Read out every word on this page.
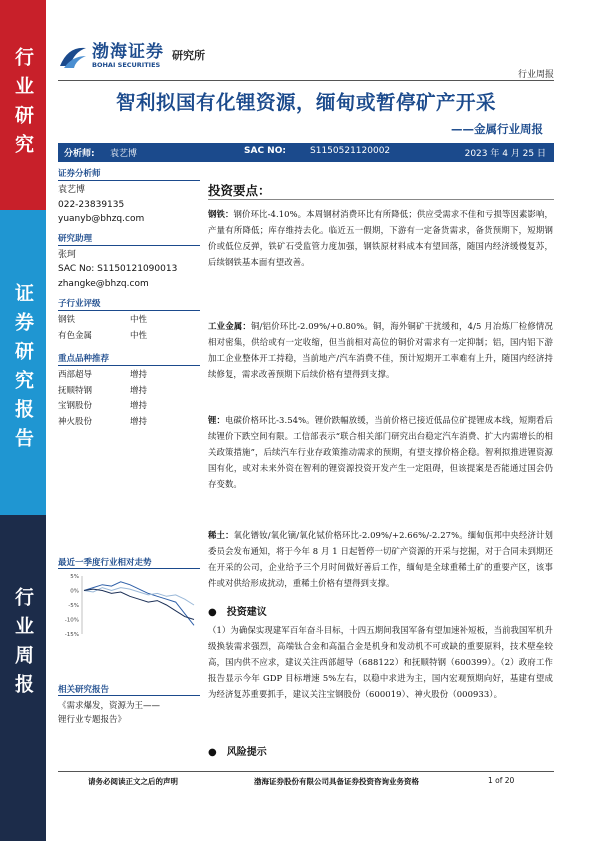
行业研究
证券研究报告
行业周报
渤海证券
BOHAI SECURITIES
研究所
行业周报
智利拟国有化锂资源，缅甸或暂停矿产开采
——金属行业周报
分析师: 袁艺博	SAC NO:	S1150521120002	2023 年 4 月 25 日
证券分析师
袁艺博
022-23839135
yuanyb@bhzq.com
研究助理
张珂
SAC No: S1150121090013
zhangke@bhzq.com
子行业评级
钢铁	中性
有色金属	中性
重点品种推荐
西部超导	增持
抚顺特钢	增持
宝钢股份	增持
神火股份	增持
最近一季度行业相对走势
5%
0%
-5%
-10%
-15%
相关研究报告
《需求爆发，资源为王——
锂行业专题报告》
投资要点：
钢铁：钢价环比-4.10%。本周钢材消费环比有所降低；供应受需求不佳和亏损等因素影响，产量有所降低；库存维持去化。临近五一假期，下游有一定备货需求，备货预期下，短期钢价或低位反弹，铁矿石受监管力度加强，钢铁原材料成本有望回落，随国内经济缓慢复苏，后续钢铁基本面有望改善。
工业金属：铜/铝价环比-2.09%/+0.80%。铜，海外铜矿干扰缓和，4/5 月冶炼厂检修情况相对密集，供给或有一定收缩，但当前相对高位的铜价对需求有一定抑制；铝，国内铝下游加工企业整体开工持稳，当前地产/汽车消费不佳，预计短期开工率难有上升，随国内经济持续修复，需求改善预期下后续价格有望得到支撑。
锂：电碳价格环比-3.54%。锂价跌幅放缓，当前价格已接近低品位矿提锂成本线，短期看后续锂价下跌空间有限。工信部表示“联合相关部门研究出台稳定汽车消费、扩大内需增长的相关政策措施”，后续汽车行业存政策推动需求的预期，有望支撑价格企稳。智利拟推进锂资源国有化，或对未来外资在智利的锂资源投资开发产生一定阻碍，但该提案是否能通过国会仍存变数。
稀土：氧化镨钕/氧化镝/氧化铽价格环比-2.09%/+2.66%/-2.27%。缅甸佤邦中央经济计划委员会发布通知，将于今年 8 月 1 日起暂停一切矿产资源的开采与挖掘，对于合同未到期还在开采的公司，企业给予三个月时间做好善后工作，缅甸是全球重稀土矿的重要产区，该事件或对供给形成扰动，重稀土价格有望得到支撑。
● 投资建议
（1）为确保实现建军百年奋斗目标，十四五期间我国军备有望加速补短板，当前我国军机升级换装需求强烈，高端钛合金和高温合金是机身和发动机不可或缺的重要原料，技术壁垒较高，国内供不应求，建议关注西部超导（688122）和抚顺特钢（600399）。（2）政府工作报告显示今年 GDP 目标增速 5%左右，以稳中求进为主，国内宏观预期向好，基建有望成为经济复苏重要抓手，建议关注宝钢股份（600019）、神火股份（000933）。
● 风险提示
请务必阅读正文之后的声明	渤海证券股份有限公司具备证券投资咨询业务资格	1 of 20
